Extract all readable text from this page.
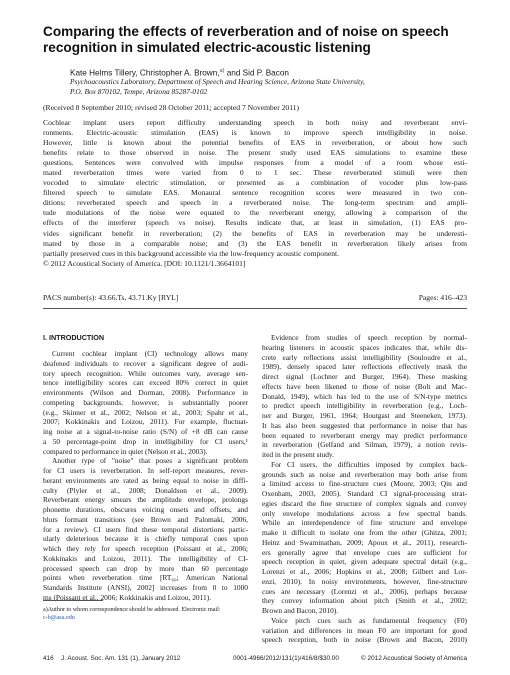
Comparing the effects of reverberation and of noise on speech recognition in simulated electric-acoustic listening
Kate Helms Tillery, Christopher A. Brown,$^{a)}$ and Sid P. Bacon
Psychoacoustics Laboratory, Department of Speech and Hearing Science, Arizona State University,
P.O. Box 870102, Tempe, Arizona 85287-0102
(Received 8 September 2010; revised 28 October 2011; accepted 7 November 2011)
Cochlear implant users report difficulty understanding speech in both noisy and reverberant envi-
ronments. Electric-acoustic stimulation (EAS) is known to improve speech intelligibility in noise.
However, little is known about the potential benefits of EAS in reverberation, or about how such
benefits relate to those observed in noise. The present study used EAS simulations to examine these
questions. Sentences were convolved with impulse responses from a model of a room whose esti-
mated reverberation times were varied from 0 to 1 sec. These reverberated stimuli were then
vocoded to simulate electric stimulation, or presented as a combination of vocoder plus low-pass
filtered speech to simulate EAS. Monaural sentence recognition scores were measured in two con-
ditions: reverberated speech and speech in a reverberated noise. The long-term spectrum and ampli-
tude modulations of the noise were equated to the reverberant energy, allowing a comparison of the
effects of the interferer (speech vs noise). Results indicate that, at least in simulation, (1) EAS pro-
vides significant benefit in reverberation; (2) the benefits of EAS in reverberation may be underesti-
mated by those in a comparable noise; and (3) the EAS benefit in reverberation likely arises from
partially preserved cues in this background accessible via the low-frequency acoustic component.
© 2012 Acoustical Society of America. [DOI: 10.1121/1.3664101]
PACS number(s): 43.66.Ts, 43.71.Ky [RYL]	Pages: 416–423
I. INTRODUCTION
Current cochlear implant (CI) technology allows many
deafened individuals to recover a significant degree of audi-
tory speech recognition. While outcomes vary, average sen-
tence intelligibility scores can exceed 80% correct in quiet
environments (Wilson and Dorman, 2008). Performance in
competing backgrounds, however, is substantially poorer
(e.g., Skinner et al., 2002; Nelson et al., 2003; Spahr et al.,
2007; Kokkinakis and Loizou, 2011). For example, fluctuat-
ing noise at a signal-to-noise ratio (S/N) of +8 dB can cause
a 50 percentage-point drop in intelligibility for CI users,¹
compared to performance in quiet (Nelson et al., 2003).
Another type of "noise" that poses a significant problem
for CI users is reverberation. In self-report measures, rever-
berant environments are rated as being equal to noise in diffi-
culty (Plyler et al., 2008; Donaldson et al., 2009).
Reverberant energy smears the amplitude envelope, prolongs
phoneme durations, obscures voicing onsets and offsets, and
blurs formant transitions (see Brown and Palomaki, 2006,
for a review). CI users find these temporal distortions partic-
ularly deleterious because it is chiefly temporal cues upon
which they rely for speech reception (Poissant et al., 2006;
Kokkinakis and Loizou, 2011). The intelligibility of CI-
processed speech can drop by more than 60 percentage
points when reverberation time [RT₆₀; American National
Standards Institute (ANSI), 2002] increases from 0 to 1000
ms (Poissant et al., 2006; Kokkinakis and Loizou, 2011).
Evidence from studies of speech reception by normal-
hearing listeners in acoustic spaces indicates that, while dis-
crete early reflections assist intelligibility (Souloudre et al.,
1989), densely spaced later reflections effectively mask the
direct signal (Lochner and Burger, 1964). These masking
effects have been likened to those of noise (Bolt and Mac-
Donald, 1949), which has led to the use of S/N-type metrics
to predict speech intelligibility in reverberation (e.g., Loch-
ner and Burger, 1961, 1964; Houtgast and Steeneken, 1973).
It has also been suggested that performance in noise that has
been equated to reverberant energy may predict performance
in reverberation (Gelfand and Silman, 1979), a notion revis-
ited in the present study.
For CI users, the difficulties imposed by complex back-
grounds such as noise and reverberation may both arise from
a limited access to fine-structure cues (Moore, 2003; Qin and
Oxenham, 2003, 2005). Standard CI signal-processing strat-
egies discard the fine structure of complex signals and convey
only envelope modulations across a few spectral bands.
While an interdependence of fine structure and envelope
make it difficult to isolate one from the other (Ghitza, 2001;
Heinz and Swaminathan, 2009; Apoux et al., 2011), research-
ers generally agree that envelope cues are sufficient for
speech reception in quiet, given adequate spectral detail (e.g.,
Lorenzi et al., 2006; Hopkins et al., 2008; Gilbert and Lor-
enzi, 2010). In noisy environments, however, fine-structure
cues are necessary (Lorenzi et al., 2006), perhaps because
they convey information about pitch (Smith et al., 2002;
Brown and Bacon, 2010).
Voice pitch cues such as fundamental frequency (F0)
variation and differences in mean F0 are important for good
speech reception, both in noise (Brown and Bacon, 2010)
a)Author to whom correspondence should be addressed. Electronic mail:
c-b@asu.edu
416 J. Acoust. Soc. Am. 131 (1), January 2012	0001-4966/2012/131(1)/416/8/$30.00	© 2012 Acoustical Society of America
